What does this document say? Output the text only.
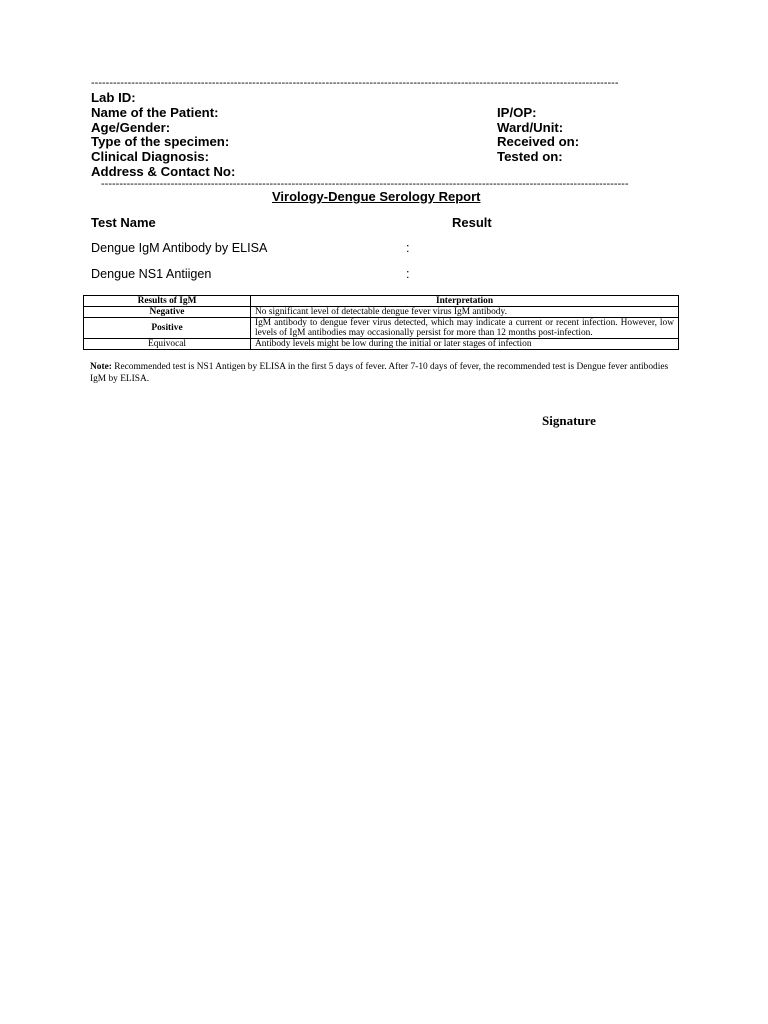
------------------------------------------------------------------------------------------------------------------------------------------------
Lab ID:
Name of the Patient:
Age/Gender:
Type of the specimen:
Clinical Diagnosis:
Address & Contact No:
IP/OP:
Ward/Unit:
Received on:
Tested on:
------------------------------------------------------------------------------------------------------------------------------------------------
Virology-Dengue Serology Report
Test Name	Result
Dengue IgM Antibody by ELISA	:
Dengue NS1 Antiigen	:
Results of IgM	Interpretation
Negative	No significant level of detectable dengue fever virus IgM antibody.
Positive	IgM antibody to dengue fever virus detected, which may indicate a current or recent infection. However, low levels of IgM antibodies may occasionally persist for more than 12 months post-infection.
Equivocal	Antibody levels might be low during the initial or later stages of infection
Note: Recommended test is NS1 Antigen by ELISA in the first 5 days of fever. After 7-10 days of fever, the recommended test is Dengue fever antibodies IgM by ELISA.
Signature
